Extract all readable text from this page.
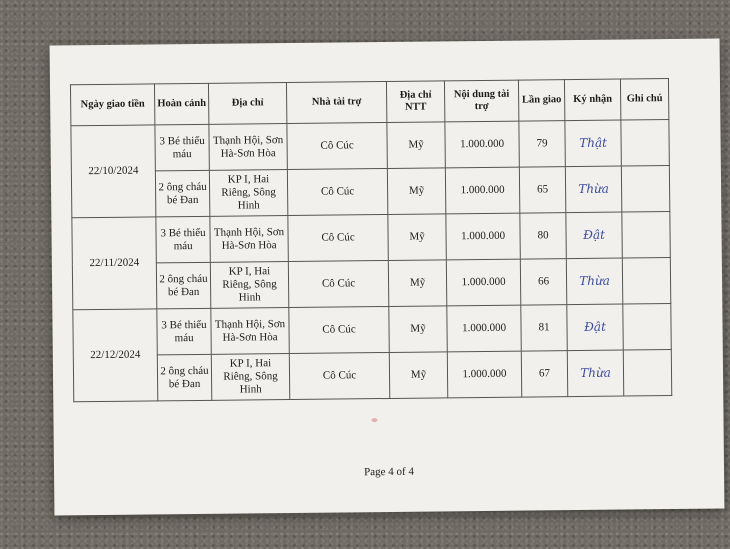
Ngày giao tiền	Hoàn cảnh	Địa chỉ	Nhà tài trợ	Địa chỉ NTT	Nội dung tài trợ	Lần giao	Ký nhận	Ghi chú
22/10/2024	3 Bé thiếu máu	Thạnh Hội, Sơn Hà-Sơn Hòa	Cô Cúc	Mỹ	1.000.000	79	Thật	
	2 ông cháu bé Đan	KP I, Hai Riêng, Sông Hinh	Cô Cúc	Mỹ	1.000.000	65	Thừa	
22/11/2024	3 Bé thiếu máu	Thạnh Hội, Sơn Hà-Sơn Hòa	Cô Cúc	Mỹ	1.000.000	80	Đật	
	2 ông cháu bé Đan	KP I, Hai Riêng, Sông Hinh	Cô Cúc	Mỹ	1.000.000	66	Thừa	
22/12/2024	3 Bé thiếu máu	Thạnh Hội, Sơn Hà-Sơn Hòa	Cô Cúc	Mỹ	1.000.000	81	Đật	
	2 ông cháu bé Đan	KP I, Hai Riêng, Sông Hinh	Cô Cúc	Mỹ	1.000.000	67	Thừa	
Page 4 of 4
